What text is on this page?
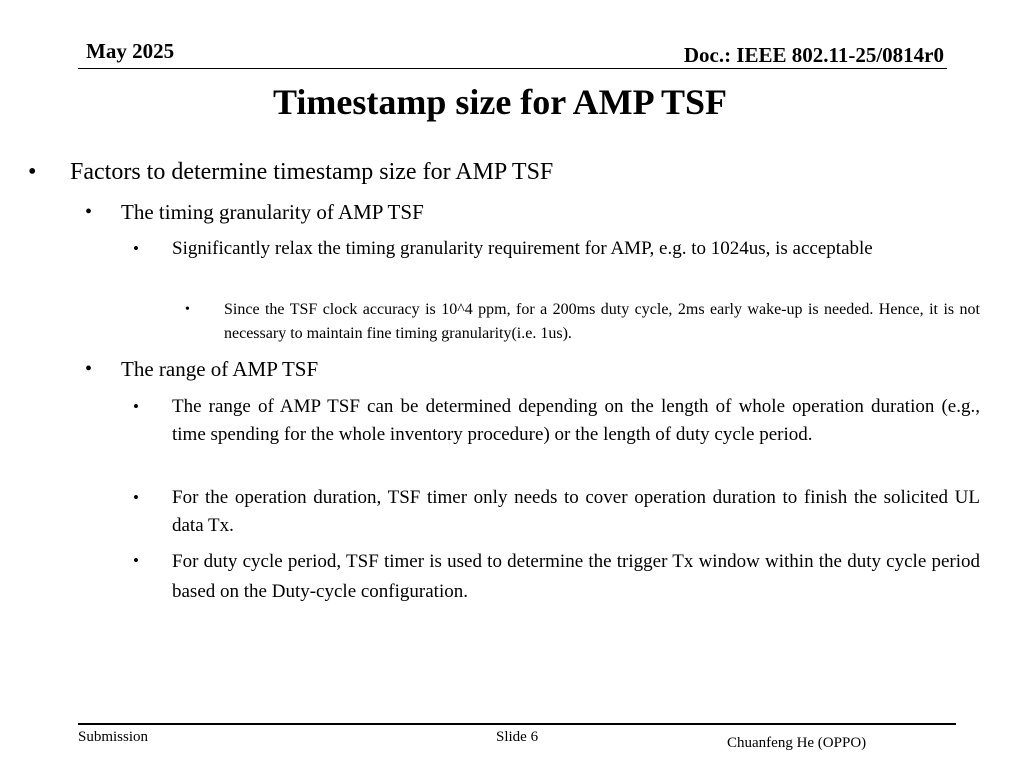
May 2025	Doc.: IEEE 802.11-25/0814r0
Timestamp size for AMP TSF
• Factors to determine timestamp size for AMP TSF
• The timing granularity of AMP TSF
• Significantly relax the timing granularity requirement for AMP, e.g. to 1024us, is acceptable
• Since the TSF clock accuracy is 10^4 ppm, for a 200ms duty cycle, 2ms early wake-up is needed. Hence, it is not necessary to maintain fine timing granularity(i.e. 1us).
• The range of AMP TSF
• The range of AMP TSF can be determined depending on the length of whole operation duration (e.g., time spending for the whole inventory procedure) or the length of duty cycle period.
• For the operation duration, TSF timer only needs to cover operation duration to finish the solicited UL data Tx.
• For duty cycle period, TSF timer is used to determine the trigger Tx window within the duty cycle period based on the Duty-cycle configuration.
Submission	Slide 6	Chuanfeng He (OPPO)
